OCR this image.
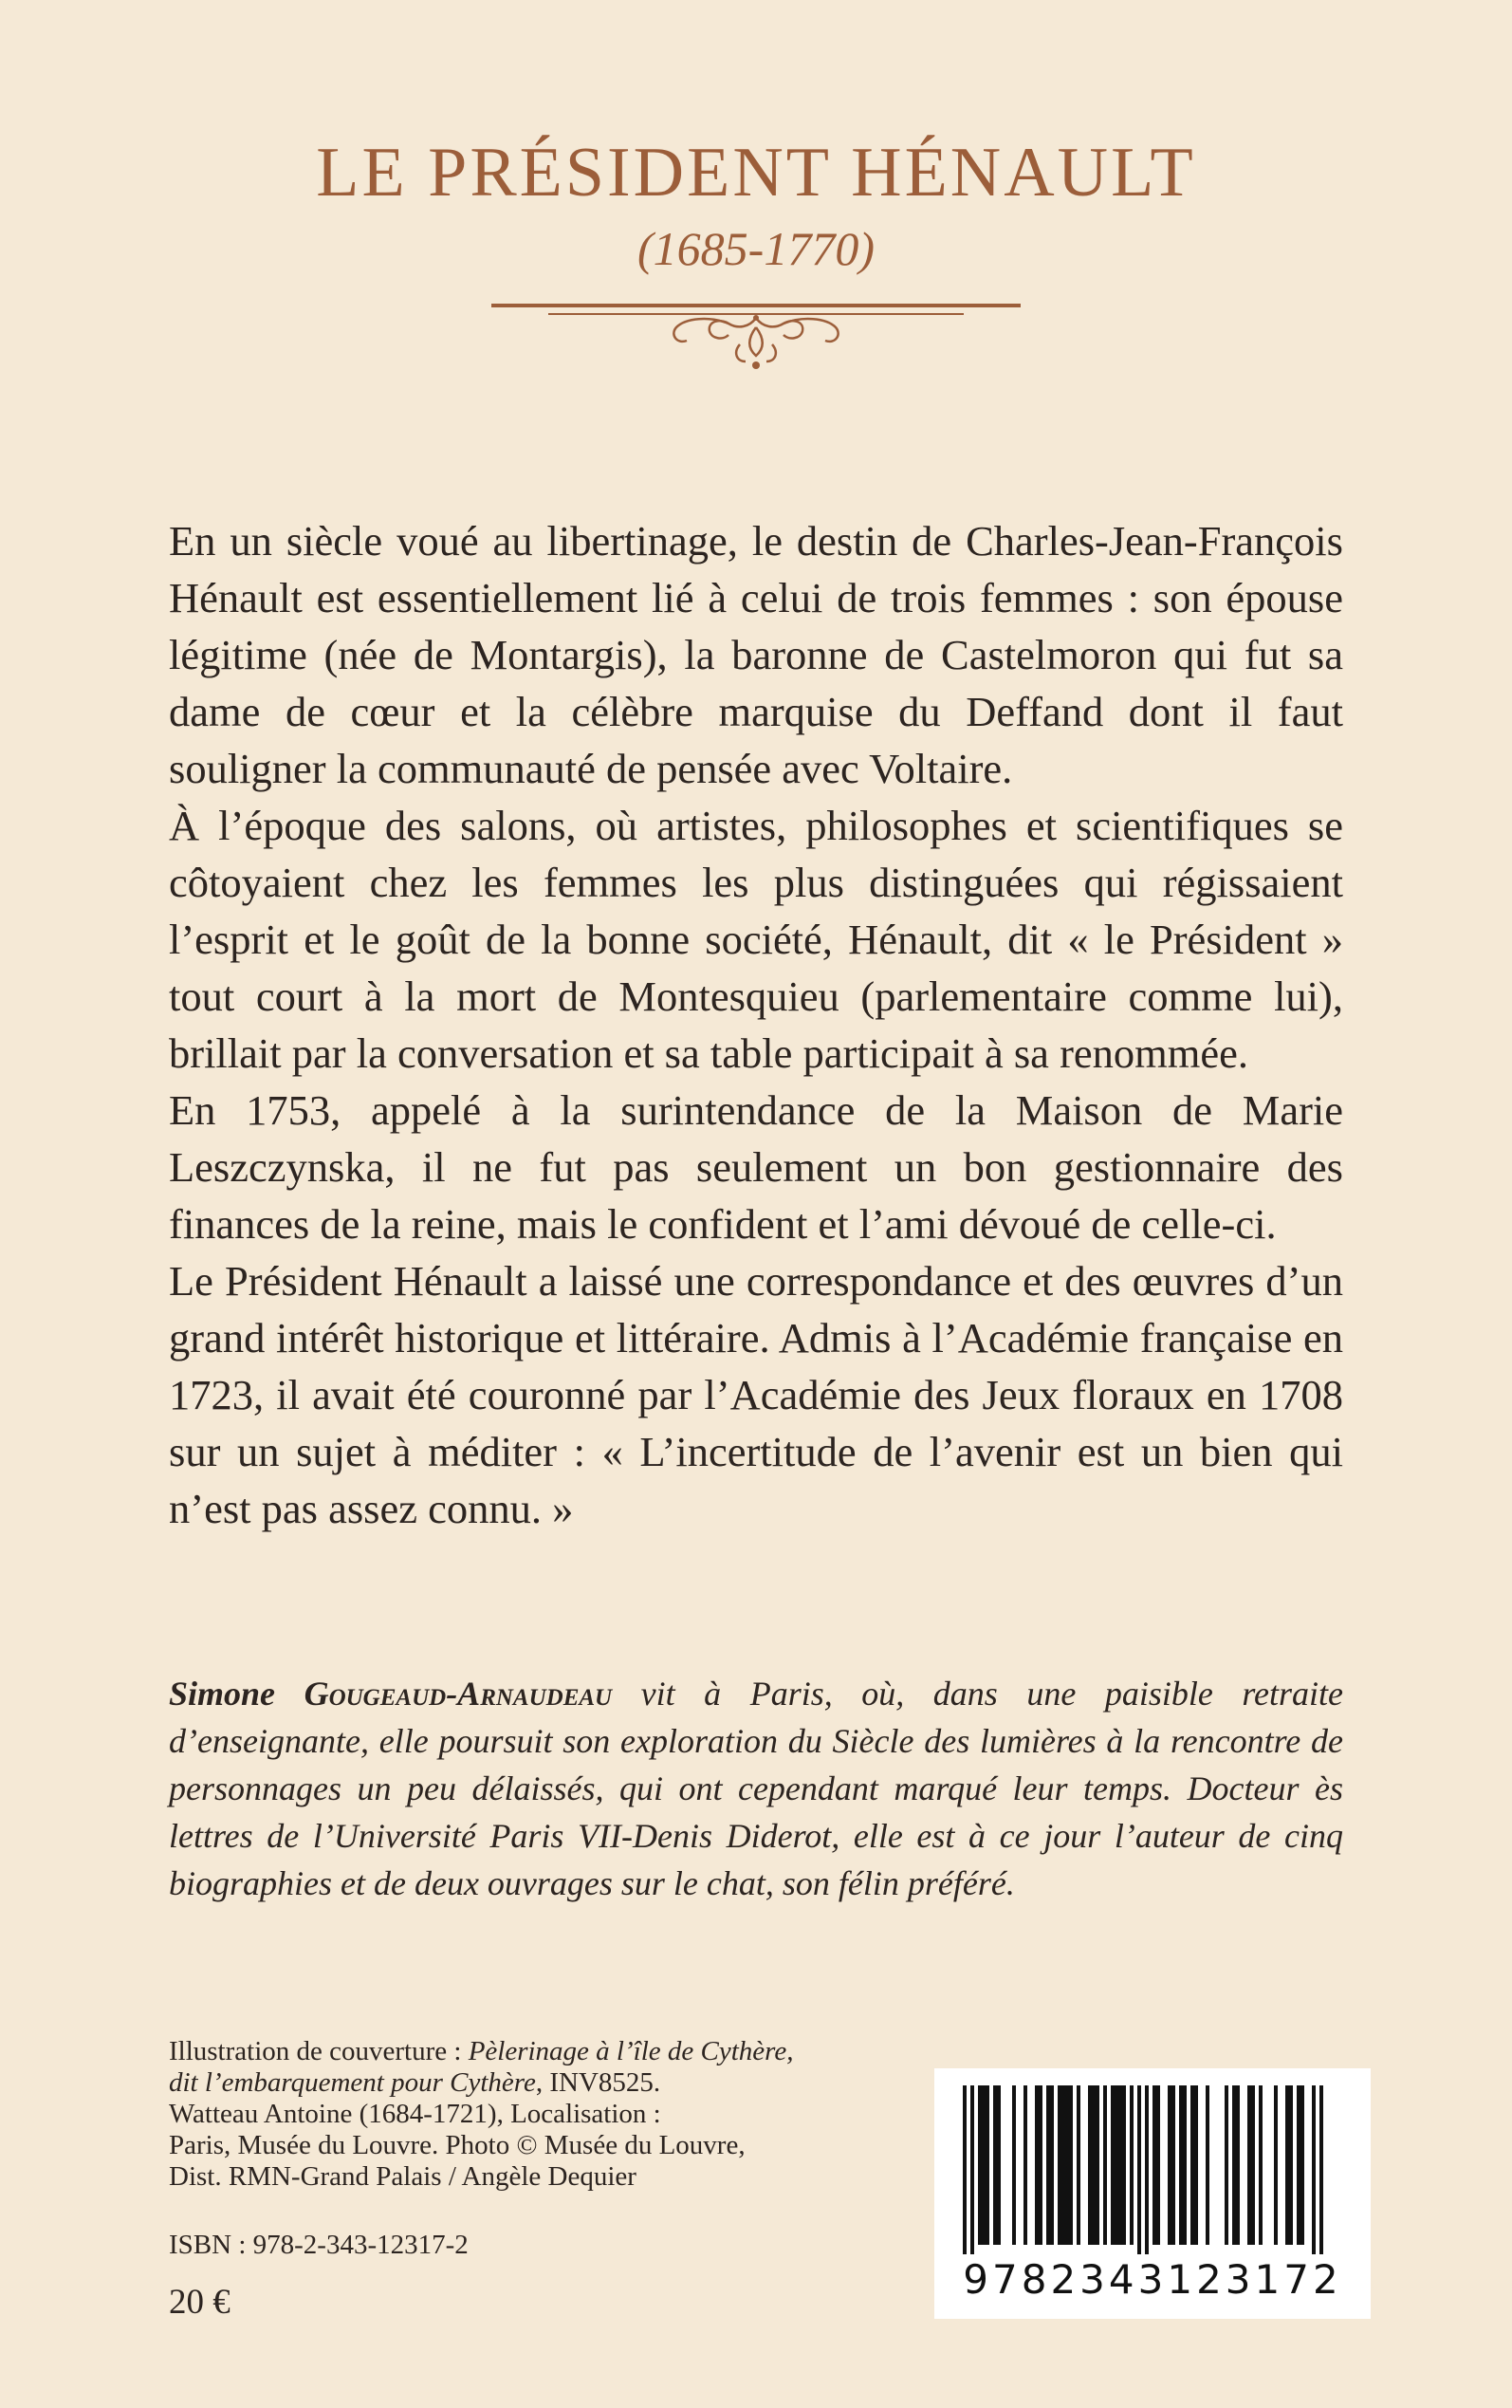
LE PRÉSIDENT HÉNAULT
(1685-1770)

En un siècle voué au libertinage, le destin de Charles-Jean-François Hénault est essentiellement lié à celui de trois femmes : son épouse légitime (née de Montargis), la baronne de Castelmoron qui fut sa dame de cœur et la célèbre marquise du Deffand dont il faut souligner la communauté de pensée avec Voltaire.

À l’époque des salons, où artistes, philosophes et scientifiques se côtoyaient chez les femmes les plus distinguées qui régissaient l’esprit et le goût de la bonne société, Hénault, dit « le Président » tout court à la mort de Montesquieu (parlementaire comme lui), brillait par la conversation et sa table participait à sa renommée.

En 1753, appelé à la surintendance de la Maison de Marie Leszczynska, il ne fut pas seulement un bon gestionnaire des finances de la reine, mais le confident et l’ami dévoué de celle-ci.

Le Président Hénault a laissé une correspondance et des œuvres d’un grand intérêt historique et littéraire. Admis à l’Académie française en 1723, il avait été couronné par l’Académie des Jeux floraux en 1708 sur un sujet à méditer : « L’incertitude de l’avenir est un bien qui n’est pas assez connu. »

Simone Gougeaud-Arnaudeau vit à Paris, où, dans une paisible retraite d’enseignante, elle poursuit son exploration du Siècle des lumières à la rencontre de personnages un peu délaissés, qui ont cependant marqué leur temps. Docteur ès lettres de l’Université Paris VII-Denis Diderot, elle est à ce jour l’auteur de cinq biographies et de deux ouvrages sur le chat, son félin préféré.
Illustration de couverture : Pèlerinage à l’île de Cythère,
dit l’embarquement pour Cythère, INV8525.
Watteau Antoine (1684-1721), Localisation :
Paris, Musée du Louvre. Photo © Musée du Louvre,
Dist. RMN-Grand Palais / Angèle Dequier
ISBN : 978-2-343-12317-2
20 €	9782343123172
